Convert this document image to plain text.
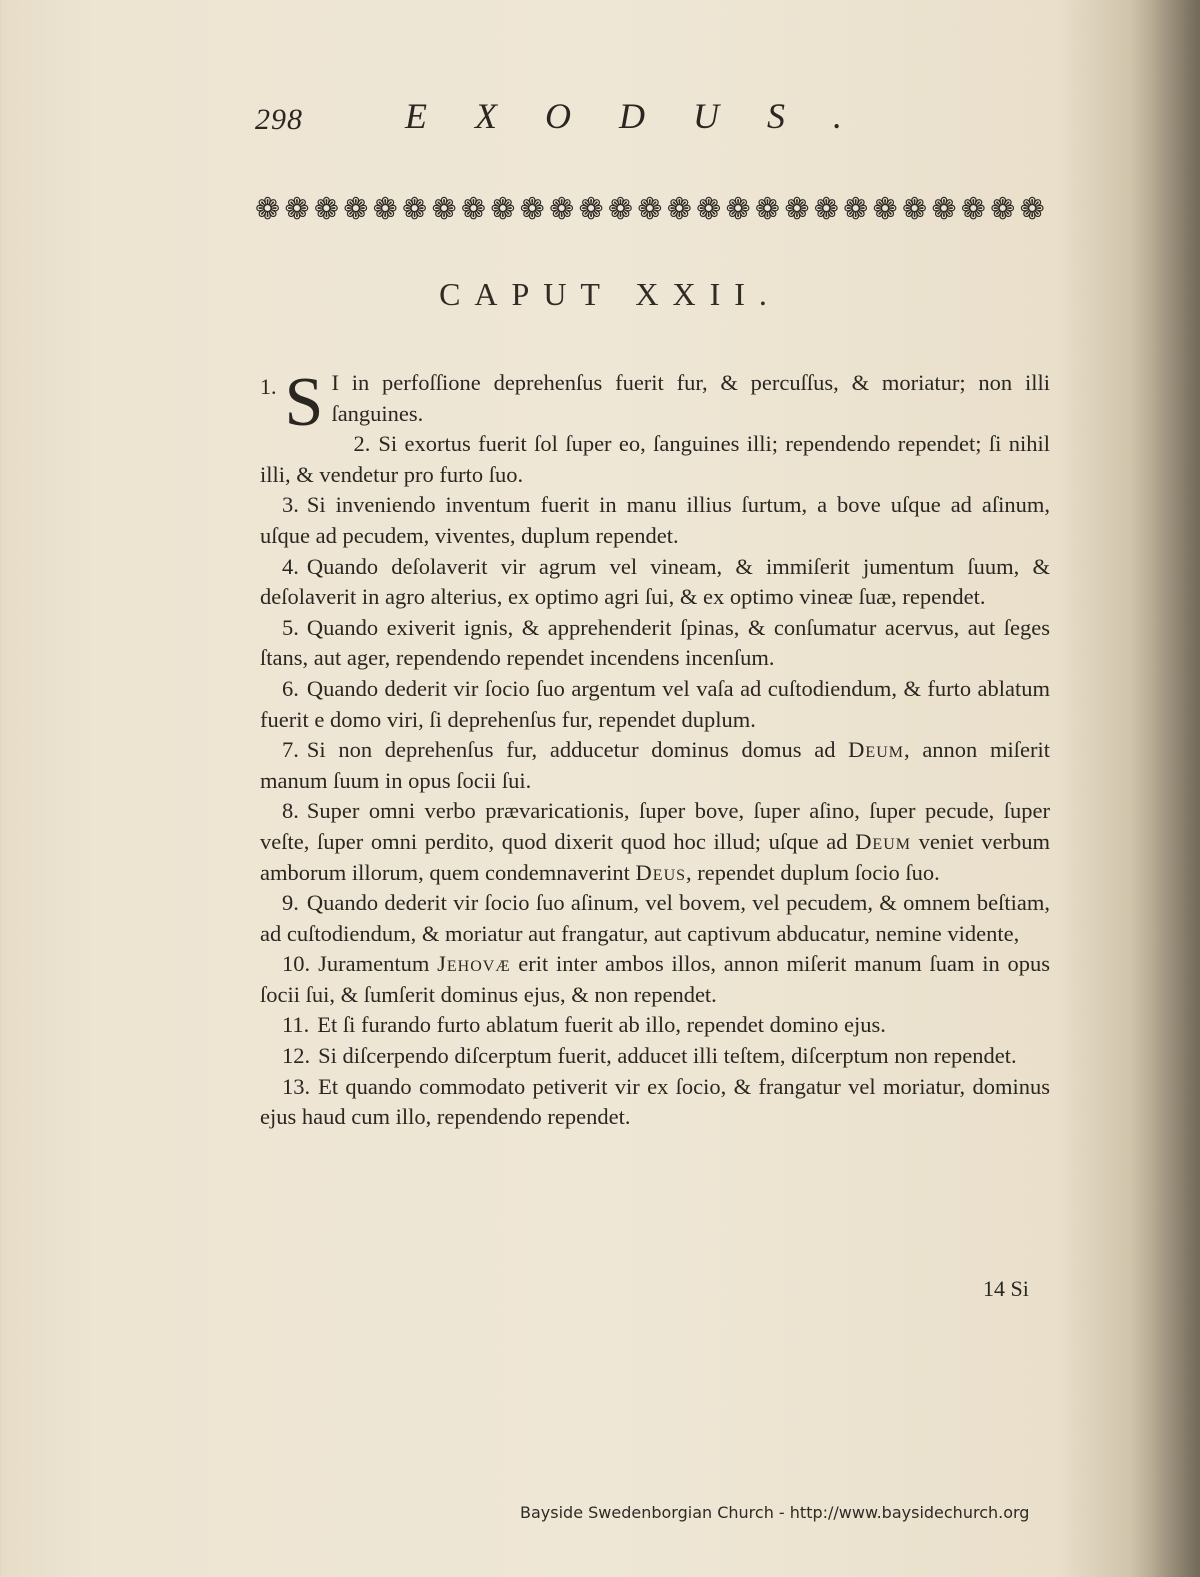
298	EXODUS.
❁ ❁ ❁ ❁ ❁ ❁ ❁ ❁ ❁ ❁ ❁ ❁ ❁ ❁ ❁ ❁ ❁ ❁ ❁ ❁ ❁ ❁ ❁ ❁ ❁ ❁ ❁
CAPUT XXII.

1. S I in perfoſſione deprehenſus fuerit fur, & percuſſus, & moriatur; non illi ſanguines.

2. Si exortus fuerit ſol ſuper eo, ſanguines illi; rependendo rependet; ſi nihil illi, & vendetur pro furto ſuo.

3. Si inveniendo inventum fuerit in manu illius ſurtum, a bove uſque ad aſinum, uſque ad pecudem, viventes, duplum rependet.

4. Quando deſolaverit vir agrum vel vineam, & immiſerit jumentum ſuum, & deſolaverit in agro alterius, ex optimo agri ſui, & ex optimo vineæ ſuæ, rependet.

5. Quando exiverit ignis, & apprehenderit ſpinas, & conſumatur acervus, aut ſeges ſtans, aut ager, rependendo rependet incendens incenſum.

6. Quando dederit vir ſocio ſuo argentum vel vaſa ad cuſtodiendum, & furto ablatum fuerit e domo viri, ſi deprehenſus fur, rependet duplum.

7. Si non deprehenſus fur, adducetur dominus domus ad Deum, annon miſerit manum ſuum in opus ſocii ſui.

8. Super omni verbo prævaricationis, ſuper bove, ſuper aſino, ſuper pecude, ſuper veſte, ſuper omni perdito, quod dixerit quod hoc illud; uſque ad Deum veniet verbum amborum illorum, quem condemnaverint Deus, rependet duplum ſocio ſuo.

9. Quando dederit vir ſocio ſuo aſinum, vel bovem, vel pecudem, & omnem beſtiam, ad cuſtodiendum, & moriatur aut frangatur, aut captivum abducatur, nemine vidente,

10. Juramentum Jehovæ erit inter ambos illos, annon miſerit manum ſuam in opus ſocii ſui, & ſumſerit dominus ejus, & non rependet.

11. Et ſi furando furto ablatum fuerit ab illo, rependet domino ejus.

12. Si diſcerpendo diſcerptum fuerit, adducet illi teſtem, diſcerptum non rependet.

13. Et quando commodato petiverit vir ex ſocio, & frangatur vel moriatur, dominus ejus haud cum illo, rependendo rependet.

14 Si
Bayside Swedenborgian Church - http://www.baysidechurch.org
